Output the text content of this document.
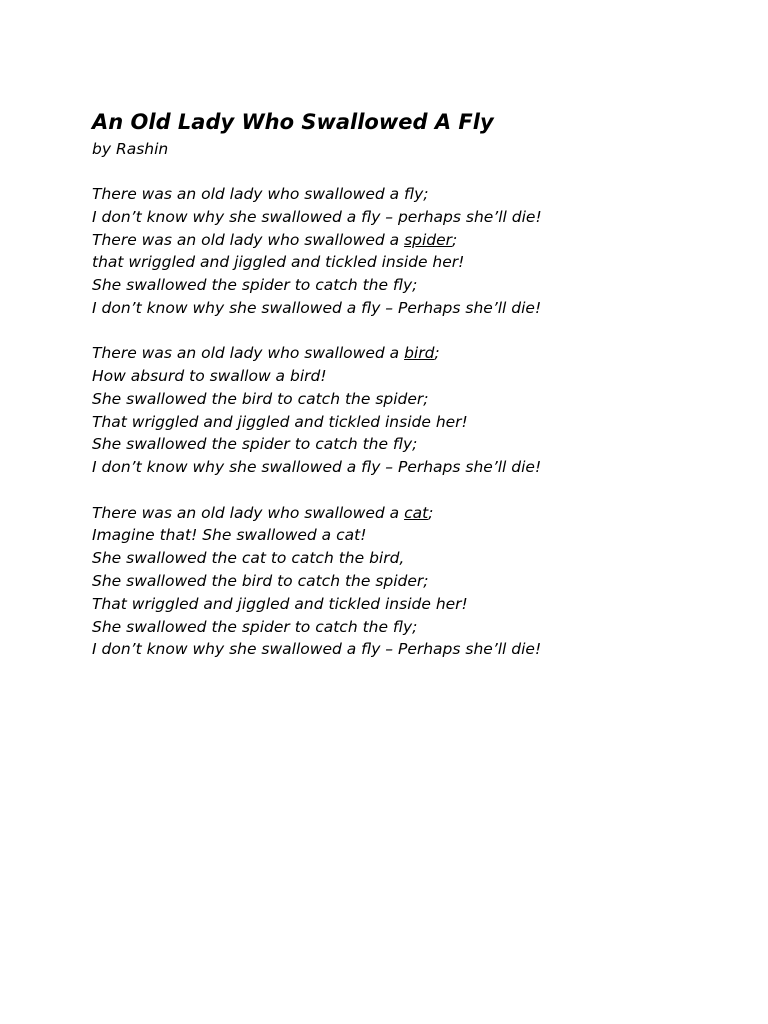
An Old Lady Who Swallowed A Fly

by Rashin

There was an old lady who swallowed a fly;
I don’t know why she swallowed a fly – perhaps she’ll die!
There was an old lady who swallowed a spider;
that wriggled and jiggled and tickled inside her!
She swallowed the spider to catch the fly;
I don’t know why she swallowed a fly – Perhaps she’ll die!
There was an old lady who swallowed a bird;
How absurd to swallow a bird!
She swallowed the bird to catch the spider;
That wriggled and jiggled and tickled inside her!
She swallowed the spider to catch the fly;
I don’t know why she swallowed a fly – Perhaps she’ll die!
There was an old lady who swallowed a cat;
Imagine that! She swallowed a cat!
She swallowed the cat to catch the bird,
She swallowed the bird to catch the spider;
That wriggled and jiggled and tickled inside her!
She swallowed the spider to catch the fly;
I don’t know why she swallowed a fly – Perhaps she’ll die!
